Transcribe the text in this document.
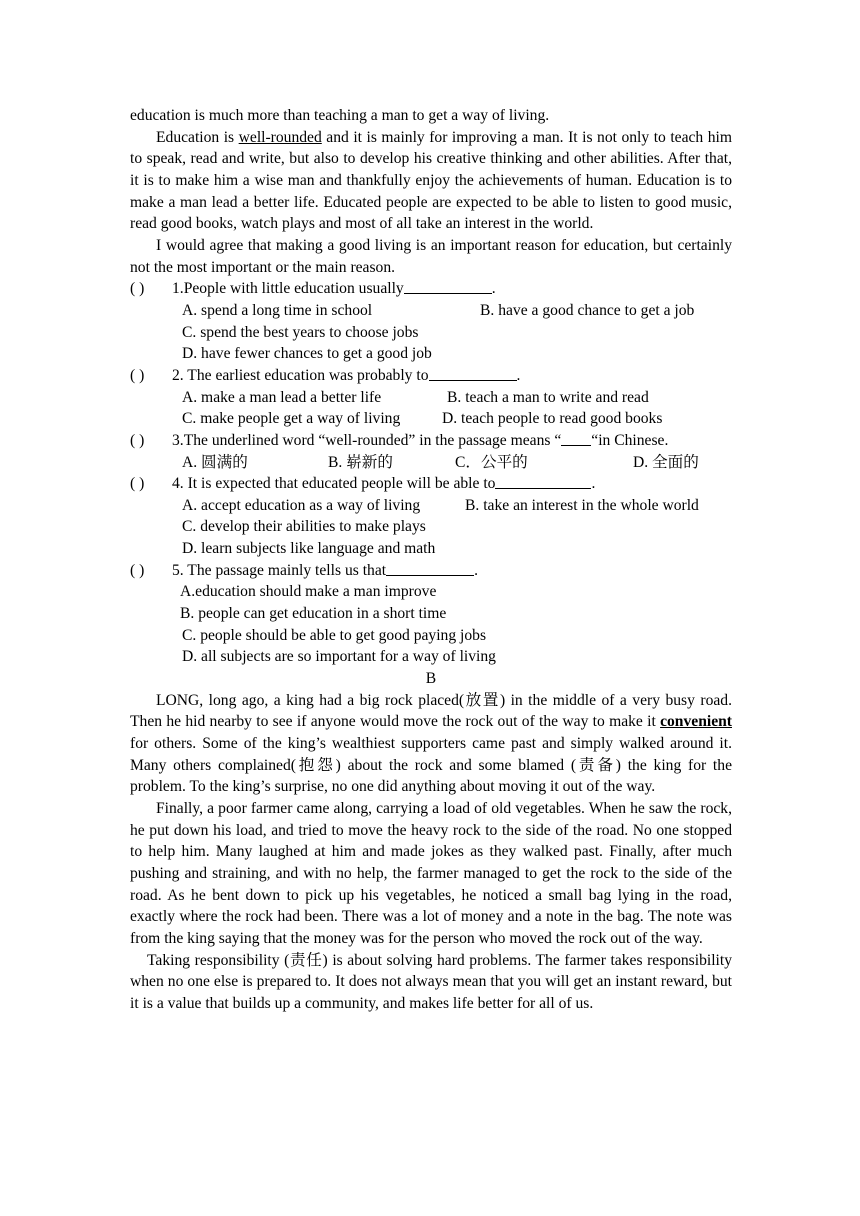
education is much more than teaching a man to get a way of living.

Education is well-rounded and it is mainly for improving a man. It is not only to teach him to speak, read and write, but also to develop his creative thinking and other abilities. After that, it is to make him a wise man and thankfully enjoy the achievements of human. Education is to make a man lead a better life. Educated people are expected to be able to listen to good music, read good books, watch plays and most of all take an interest in the world.

I would agree that making a good living is an important reason for education, but certainly not the most important or the main reason.

( )	1.People with little education usually	.
A. spend a long time in school	B. have a good chance to get a job
C. spend the best years to choose jobs
D. have fewer chances to get a good job
( )	2. The earliest education was probably to	.
A. make a man lead a better life	B. teach a man to write and read
C. make people get a way of living	D. teach people to read good books
( )	3.The underlined word “well-rounded” in the passage means “ “in Chinese.
A. 圆满的	B. 崭新的	C．公平的	D. 全面的
( )	4. It is expected that educated people will be able to	.
A. accept education as a way of living	B. take an interest in the whole world
C. develop their abilities to make plays
D. learn subjects like language and math
( )	5. The passage mainly tells us that	.
A.education should make a man improve
B. people can get education in a short time
C. people should be able to get good paying jobs
D. all subjects are so important for a way of living

B

LONG, long ago, a king had a big rock placed(放置) in the middle of a very busy road. Then he hid nearby to see if anyone would move the rock out of the way to make it convenient for others. Some of the king’s wealthiest supporters came past and simply walked around it. Many others complained(抱怨) about the rock and some blamed (责备) the king for the problem. To the king’s surprise, no one did anything about moving it out of the way.

Finally, a poor farmer came along, carrying a load of old vegetables. When he saw the rock, he put down his load, and tried to move the heavy rock to the side of the road. No one stopped to help him. Many laughed at him and made jokes as they walked past. Finally, after much pushing and straining, and with no help, the farmer managed to get the rock to the side of the road. As he bent down to pick up his vegetables, he noticed a small bag lying in the road, exactly where the rock had been. There was a lot of money and a note in the bag. The note was from the king saying that the money was for the person who moved the rock out of the way.

Taking responsibility (责任) is about solving hard problems. The farmer takes responsibility when no one else is prepared to. It does not always mean that you will get an instant reward, but it is a value that builds up a community, and makes life better for all of us.
